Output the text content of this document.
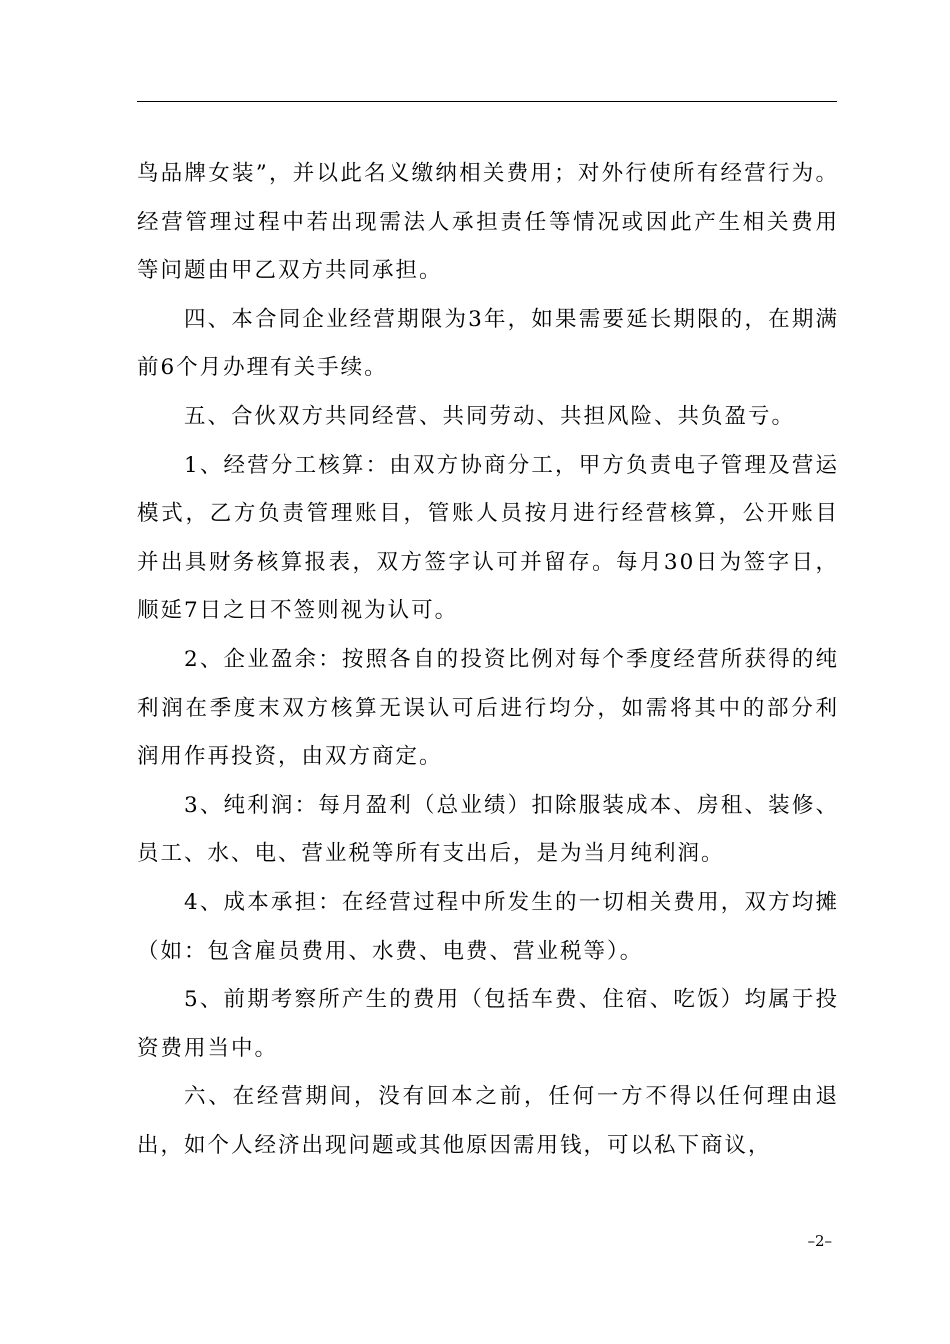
鸟品牌女装”，并以此名义缴纳相关费用；对外行使所有经营行为。经营管理过程中若出现需法人承担责任等情况或因此产生相关费用等问题由甲乙双方共同承担。

四、本合同企业经营期限为3年，如果需要延长期限的，在期满前6个月办理有关手续。

五、合伙双方共同经营、共同劳动、共担风险、共负盈亏。

1、经营分工核算：由双方协商分工，甲方负责电子管理及营运模式，乙方负责管理账目，管账人员按月进行经营核算，公开账目并出具财务核算报表，双方签字认可并留存。每月30日为签字日，顺延7日之日不签则视为认可。

2、企业盈余：按照各自的投资比例对每个季度经营所获得的纯利润在季度末双方核算无误认可后进行均分，如需将其中的部分利润用作再投资，由双方商定。

3、纯利润：每月盈利（总业绩）扣除服装成本、房租、装修、员工、水、电、营业税等所有支出后，是为当月纯利润。

4、成本承担：在经营过程中所发生的一切相关费用，双方均摊（如：包含雇员费用、水费、电费、营业税等）。

5、前期考察所产生的费用（包括车费、住宿、吃饭）均属于投资费用当中。

六、在经营期间，没有回本之前，任何一方不得以任何理由退出，如个人经济出现问题或其他原因需用钱，可以私下商议，

–2–
